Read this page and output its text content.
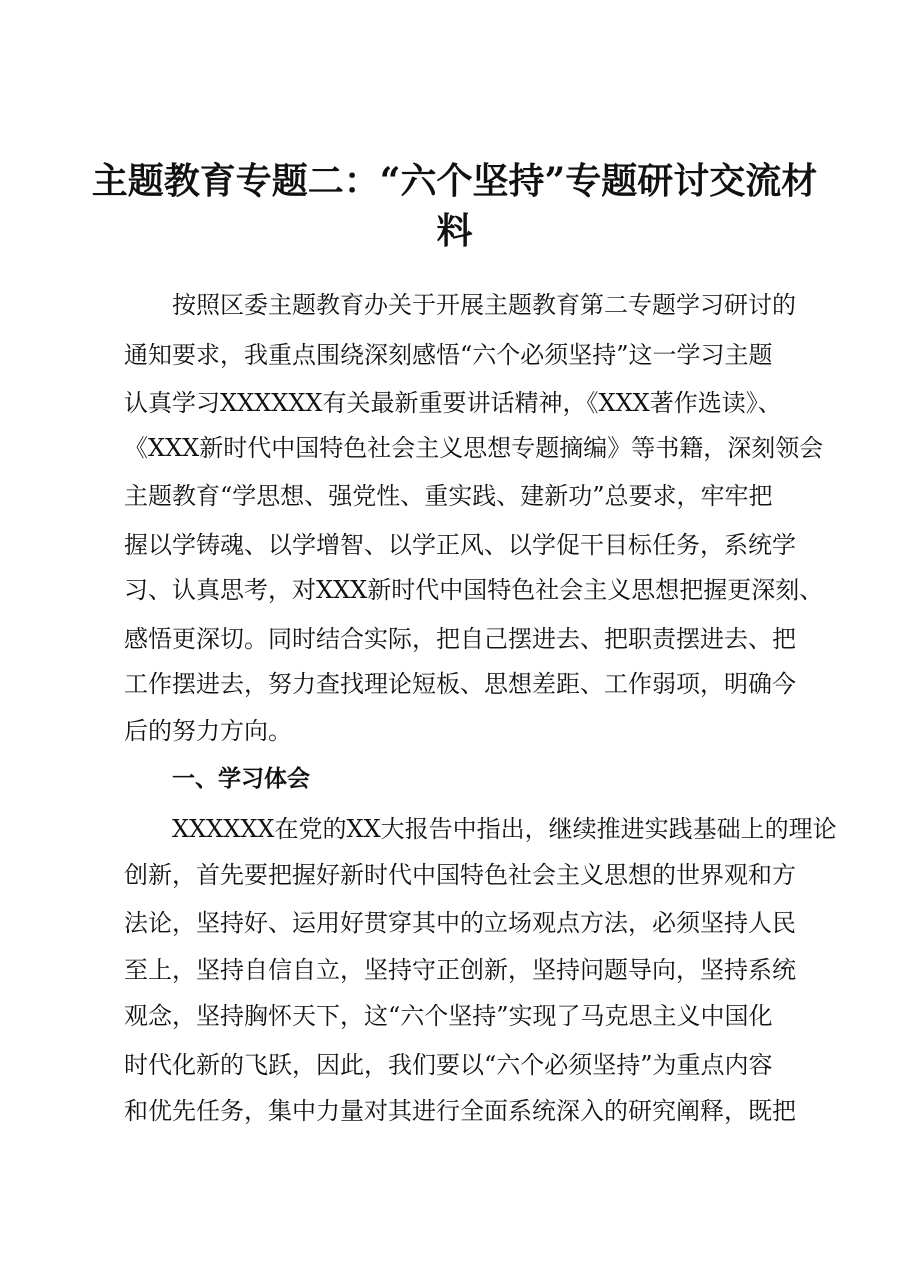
主题教育专题二：“六个坚持”专题研讨交流材
料
按照区委主题教育办关于开展主题教育第二专题学习研讨的
通知要求，我重点围绕深刻感悟“六个必须坚持”这一学习主题
认真学习XXXXXX有关最新重要讲话精神，《XXX著作选读》、
《XXX新时代中国特色社会主义思想专题摘编》等书籍，深刻领会
主题教育“学思想、强党性、重实践、建新功”总要求，牢牢把
握以学铸魂、以学增智、以学正风、以学促干目标任务，系统学
习、认真思考，对XXX新时代中国特色社会主义思想把握更深刻、
感悟更深切。同时结合实际，把自己摆进去、把职责摆进去、把
工作摆进去，努力查找理论短板、思想差距、工作弱项，明确今
后的努力方向。
一、学习体会
XXXXXX在党的XX大报告中指出，继续推进实践基础上的理论
创新，首先要把握好新时代中国特色社会主义思想的世界观和方
法论，坚持好、运用好贯穿其中的立场观点方法，必须坚持人民
至上，坚持自信自立，坚持守正创新，坚持问题导向，坚持系统
观念，坚持胸怀天下，这“六个坚持”实现了马克思主义中国化
时代化新的飞跃，因此，我们要以“六个必须坚持”为重点内容
和优先任务，集中力量对其进行全面系统深入的研究阐释，既把
